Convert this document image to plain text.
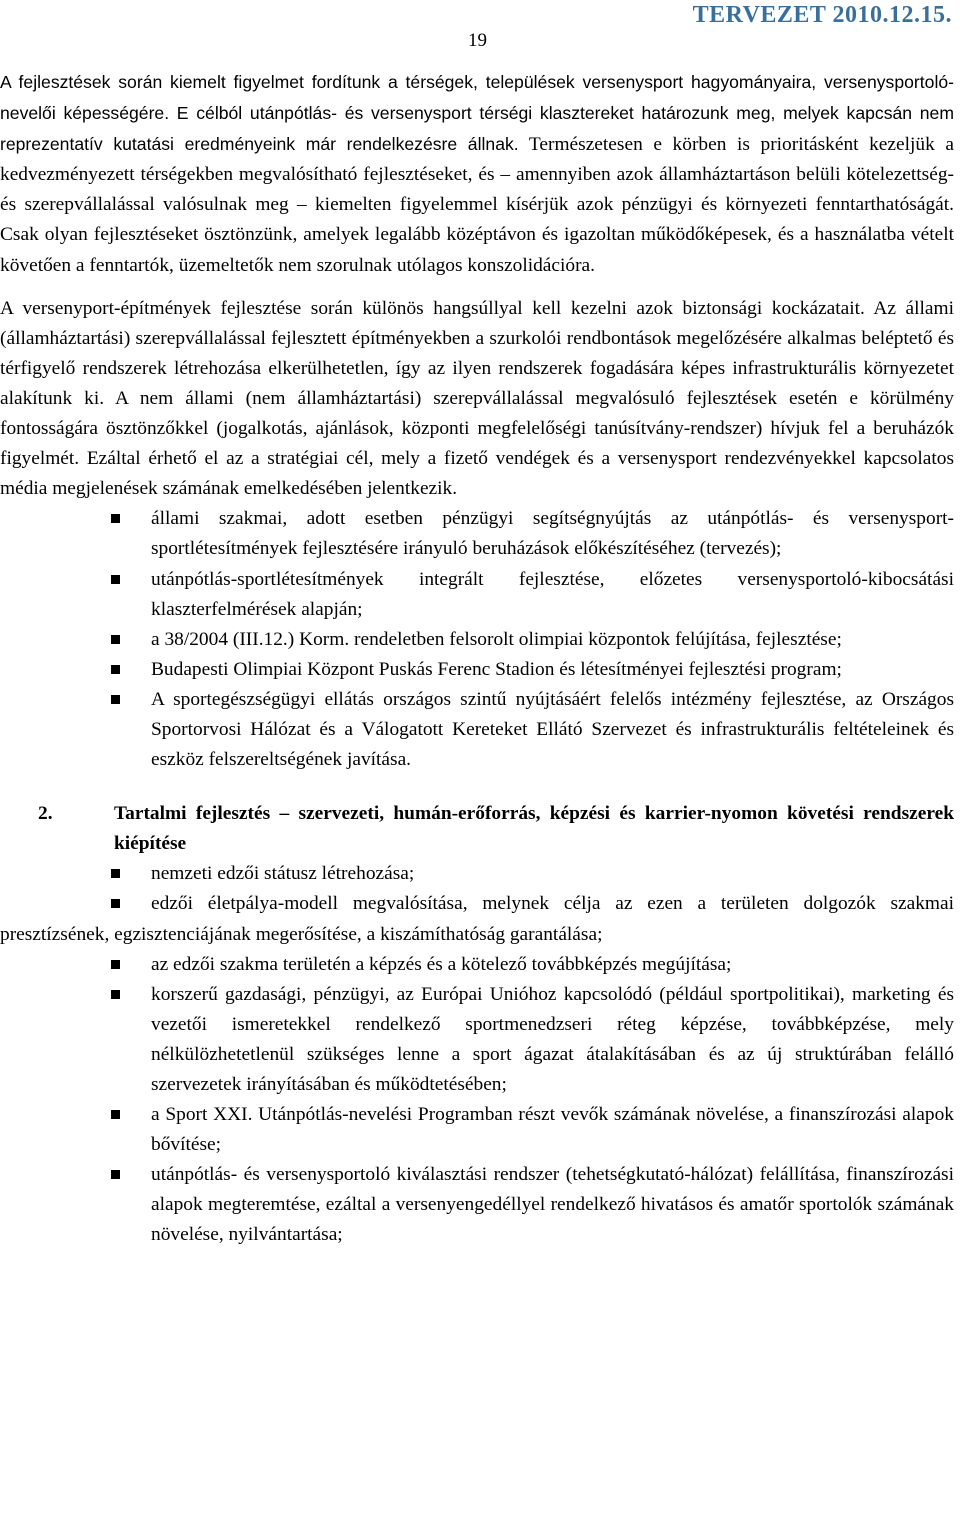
19
TERVEZET 2010.12.15.

A fejlesztések során kiemelt figyelmet fordítunk a térségek, települések versenysport hagyományaira, versenysportoló-nevelői képességére. E célból utánpótlás- és versenysport térségi klasztereket határozunk meg, melyek kapcsán nem reprezentatív kutatási eredményeink már rendelkezésre állnak. Természetesen e körben is prioritásként kezeljük a kedvezményezett térségekben megvalósítható fejlesztéseket, és – amennyiben azok államháztartáson belüli kötelezettség- és szerepvállalással valósulnak meg – kiemelten figyelemmel kísérjük azok pénzügyi és környezeti fenntarthatóságát. Csak olyan fejlesztéseket ösztönzünk, amelyek legalább középtávon és igazoltan működőképesek, és a használatba vételt követően a fenntartók, üzemeltetők nem szorulnak utólagos konszolidációra.

A versenyport-építmények fejlesztése során különös hangsúllyal kell kezelni azok biztonsági kockázatait. Az állami (államháztartási) szerepvállalással fejlesztett építményekben a szurkolói rendbontások megelőzésére alkalmas beléptető és térfigyelő rendszerek létrehozása elkerülhetetlen, így az ilyen rendszerek fogadására képes infrastrukturális környezetet alakítunk ki. A nem állami (nem államháztartási) szerepvállalással megvalósuló fejlesztések esetén e körülmény fontosságára ösztönzőkkel (jogalkotás, ajánlások, központi megfelelőségi tanúsítvány-rendszer) hívjuk fel a beruházók figyelmét. Ezáltal érhető el az a stratégiai cél, mely a fizető vendégek és a versenysport rendezvényekkel kapcsolatos média megjelenések számának emelkedésében jelentkezik.

állami szakmai, adott esetben pénzügyi segítségnyújtás az utánpótlás- és versenysport-sportlétesítmények fejlesztésére irányuló beruházások előkészítéséhez (tervezés);
utánpótlás-sportlétesítmények integrált fejlesztése, előzetes versenysportoló-kibocsátási klaszterfelmérések alapján;
a 38/2004 (III.12.) Korm. rendeletben felsorolt olimpiai központok felújítása, fejlesztése;
Budapesti Olimpiai Központ Puskás Ferenc Stadion és létesítményei fejlesztési program;
A sportegészségügyi ellátás országos szintű nyújtásáért felelős intézmény fejlesztése, az Országos Sportorvosi Hálózat és a Válogatott Kereteket Ellátó Szervezet és infrastrukturális feltételeinek és eszköz felszereltségének javítása.
2.	Tartalmi fejlesztés – szervezeti, humán-erőforrás, képzési és karrier-nyomon követési rendszerek kiépítése
nemzeti edzői státusz létrehozása;
edzői életpálya-modell megvalósítása, melynek célja az ezen a területen dolgozók szakmai presztízsének, egzisztenciájának megerősítése, a kiszámíthatóság garantálása;
az edzői szakma területén a képzés és a kötelező továbbképzés megújítása;
korszerű gazdasági, pénzügyi, az Európai Unióhoz kapcsolódó (például sportpolitikai), marketing és vezetői ismeretekkel rendelkező sportmenedzseri réteg képzése, továbbképzése, mely nélkülözhetetlenül szükséges lenne a sport ágazat átalakításában és az új struktúrában felálló szervezetek irányításában és működtetésében;
a Sport XXI. Utánpótlás-nevelési Programban részt vevők számának növelése, a finanszírozási alapok bővítése;
utánpótlás- és versenysportoló kiválasztási rendszer (tehetségkutató-hálózat) felállítása, finanszírozási alapok megteremtése, ezáltal a versenyengedéllyel rendelkező hivatásos és amatőr sportolók számának növelése, nyilvántartása;
